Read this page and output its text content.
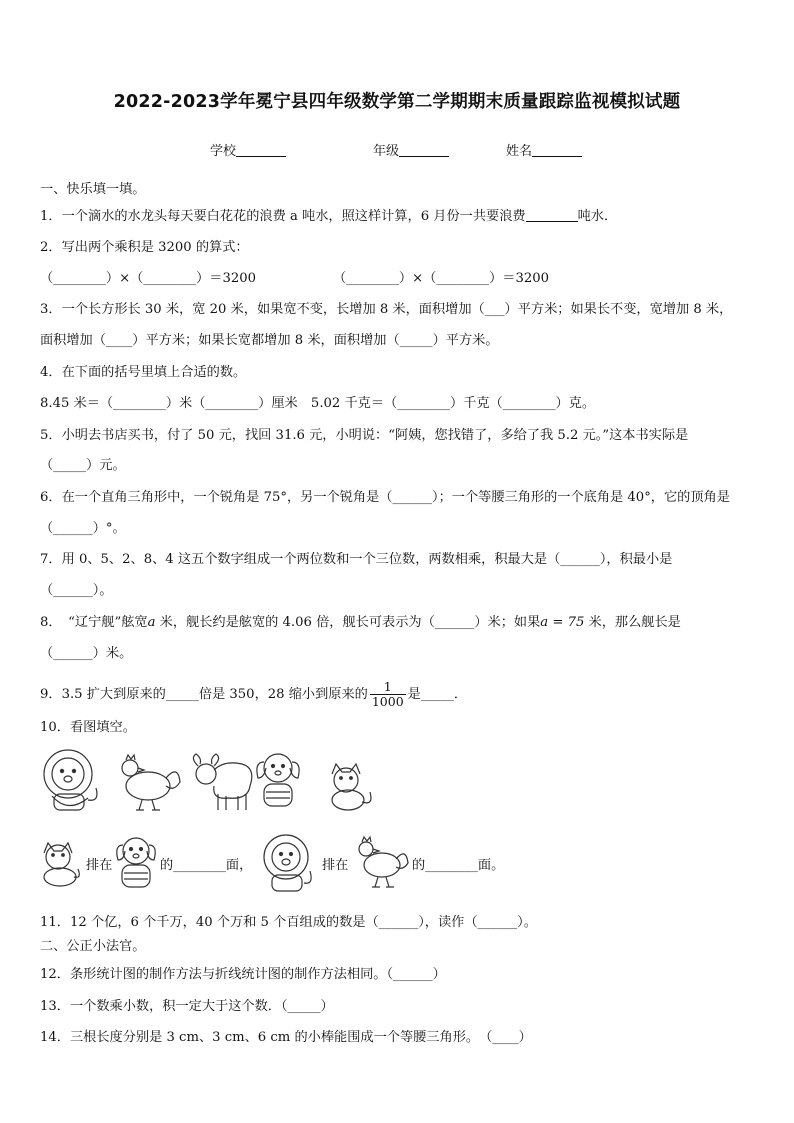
2022-2023学年冕宁县四年级数学第二学期期末质量跟踪监视模拟试题
学校	年级	姓名
一、快乐填一填。
1．一个滴水的水龙头每天要白花花的浪费 a 吨水，照这样计算，6 月份一共要浪费	吨水．
2．写出两个乘积是 3200 的算式：
（________）×（________）＝3200	（________）×（________）＝3200
3．一个长方形长 30 米，宽 20 米，如果宽不变，长增加 8 米，面积增加（___）平方米；如果长不变，宽增加 8 米，
面积增加（____）平方米；如果长宽都增加 8 米，面积增加（_____）平方米。
4．在下面的括号里填上合适的数。
8.45 米＝（________）米（________）厘米　5.02 千克＝（________）千克（________）克。
5．小明去书店买书，付了 50 元，找回 31.6 元，小明说：“阿姨，您找错了，多给了我 5.2 元。”这本书实际是
（_____）元。
6．在一个直角三角形中，一个锐角是 75°，另一个锐角是（______）；一个等腰三角形的一个底角是 40°，它的顶角是
（______）°。
7．用 0、5、2、8、4 这五个数字组成一个两位数和一个三位数，两数相乘，积最大是（______），积最小是
（______）。
8．　“辽宁舰”舷宽a 米，舰长约是舷宽的 4.06 倍，舰长可表示为（______）米；如果a = 75 米，那么舰长是
（______）米。
9．3.5 扩大到原来的_____倍是 350，28 缩小到原来的 $\frac{1}{1000}$ 是_____．
10．看图填空。
排在	的________面，	排在	的________面。
11．12 个亿，6 个千万，40 个万和 5 个百组成的数是（______），读作（______）。
二、公正小法官。
12．条形统计图的制作方法与折线统计图的制作方法相同。（______）
13．一个数乘小数，积一定大于这个数．（_____）
14．三根长度分别是 3 cm、3 cm、6 cm 的小棒能围成一个等腰三角形。　（____）
